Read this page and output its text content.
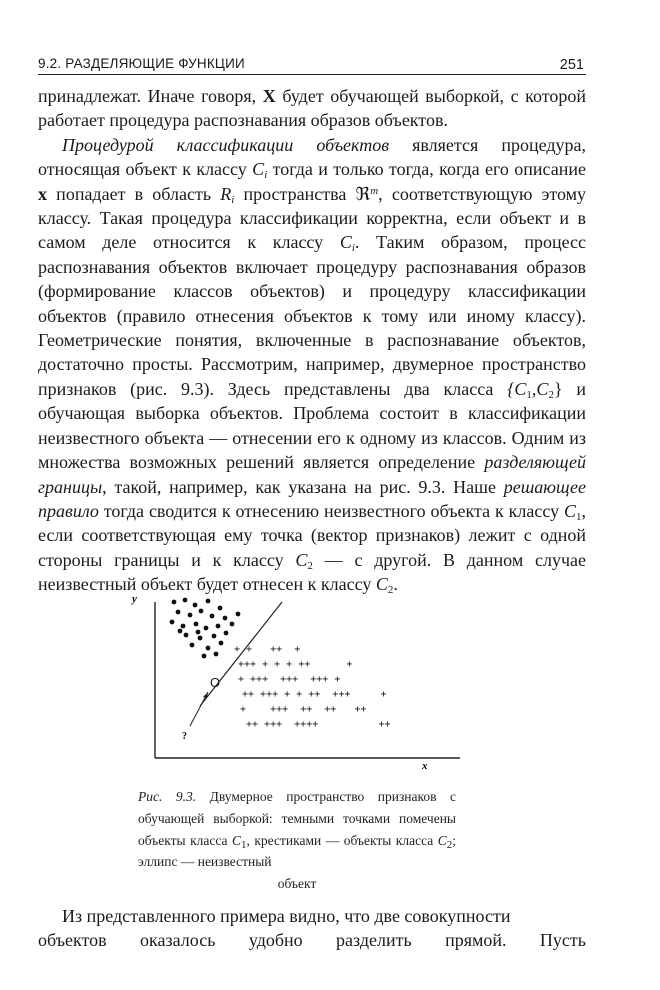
9.2. РАЗДЕЛЯЮЩИЕ ФУНКЦИИ	251

принадлежат. Иначе говоря, X будет обучающей выборкой, с которой работает процедура распознавания образов объектов.

Процедурой классификации объектов является процедура, относящая объект к классу $C_i$ тогда и только тогда, когда его описание x попадает в область $R_i$ пространства ℜ$^m$, соответствующую этому классу. Такая процедура классификации корректна, если объект и в самом деле относится к классу $C_i$. Таким образом, процесс распознавания объектов включает процедуру распознавания образов (формирование классов объектов) и процедуру классификации объектов (правило отнесения объектов к тому или иному классу). Геометрические понятия, включенные в распознавание объектов, достаточно просты. Рассмотрим, например, двумерное пространство признаков (рис. 9.3). Здесь представлены два класса $\{C_1,C_2\}$ и обучающая выборка объектов. Проблема состоит в классификации неизвестного объекта — отнесении его к одному из классов. Одним из множества возможных решений является определение разделяющей границы, такой, например, как указана на рис. 9.3. Наше решающее правило тогда сводится к отнесению неизвестного объекта к классу $C_1$, если соответствующая ему точка (вектор признаков) лежит с одной стороны границы и к классу $C_2$ — с другой. В данном случае неизвестный объект будет отнесен к классу $C_2$.

y
x
+ +   ++  +
+++ + + + ++      +
+ +++  +++  +++ +
++ +++ + + ++  +++     +
+    +++  ++  ++   ++
++ +++  ++++          ++
O
?
Рис. 9.3. Двумерное пространство признаков с обучающей выборкой: темными точками помечены объекты класса $C_1$, крестиками — объекты класса $C_2$; эллипс — неизвестный
объект

Из представленного примера видно, что две совокупности

объектов оказалось удобно разделить прямой. Пусть
